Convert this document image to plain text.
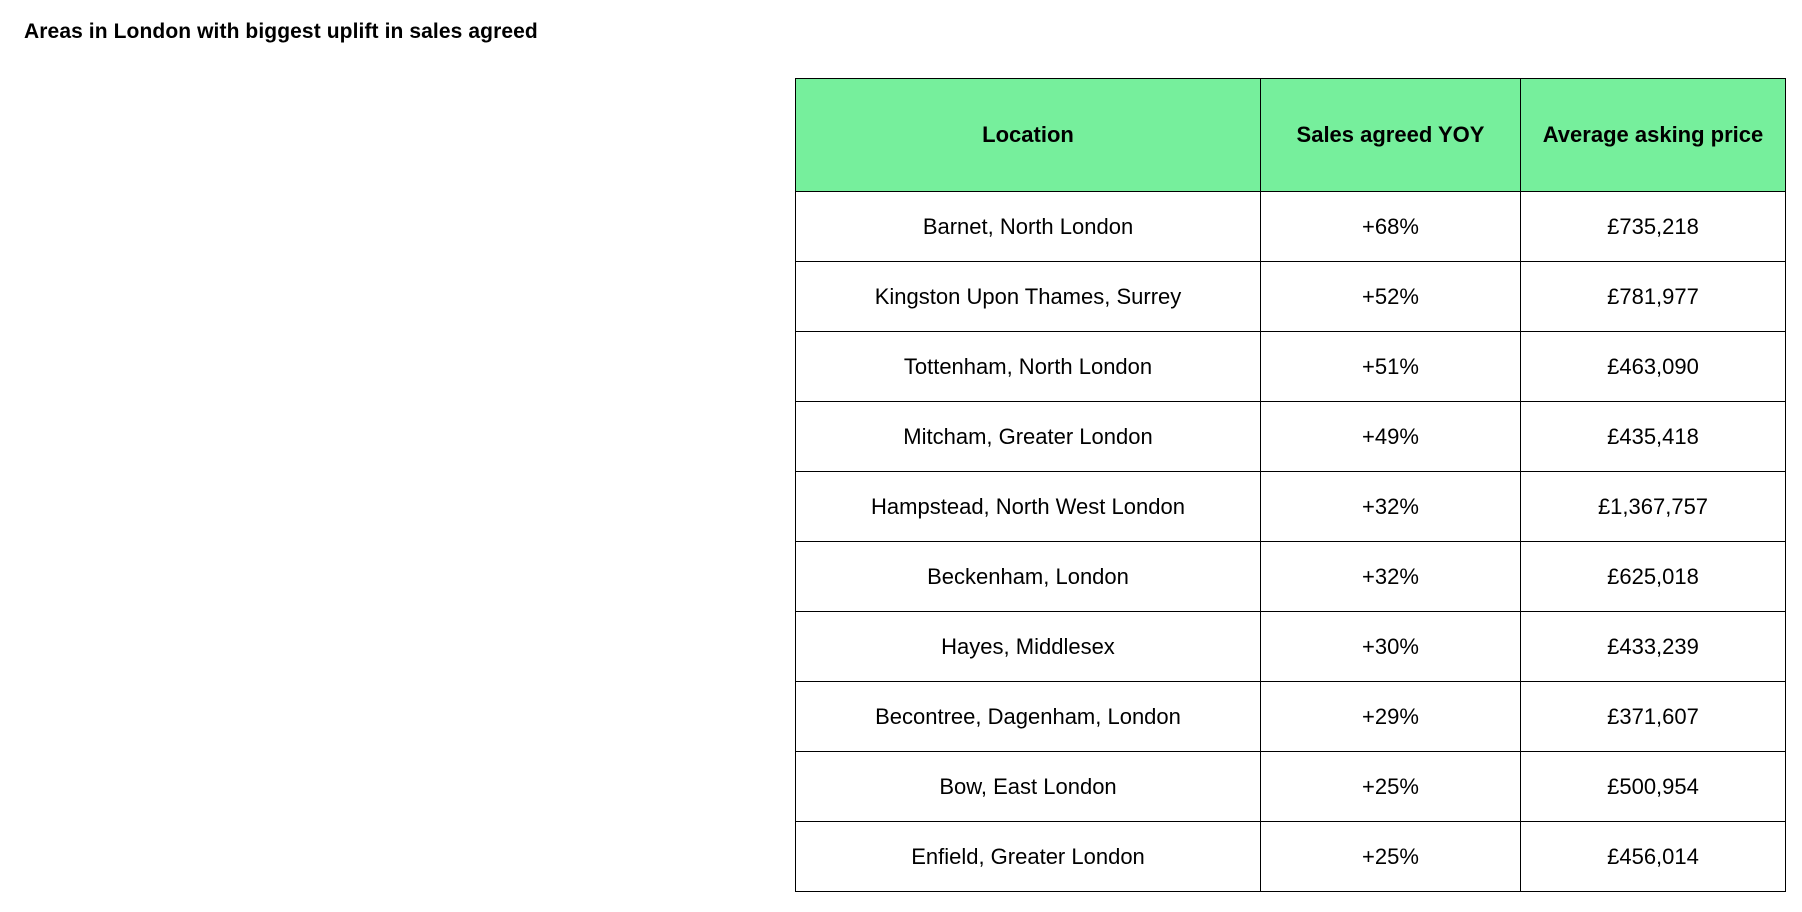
Areas in London with biggest uplift in sales agreed
Location	Sales agreed YOY	Average asking price
Barnet, North London	+68%	£735,218
Kingston Upon Thames, Surrey	+52%	£781,977
Tottenham, North London	+51%	£463,090
Mitcham, Greater London	+49%	£435,418
Hampstead, North West London	+32%	£1,367,757
Beckenham, London	+32%	£625,018
Hayes, Middlesex	+30%	£433,239
Becontree, Dagenham, London	+29%	£371,607
Bow, East London	+25%	£500,954
Enfield, Greater London	+25%	£456,014
